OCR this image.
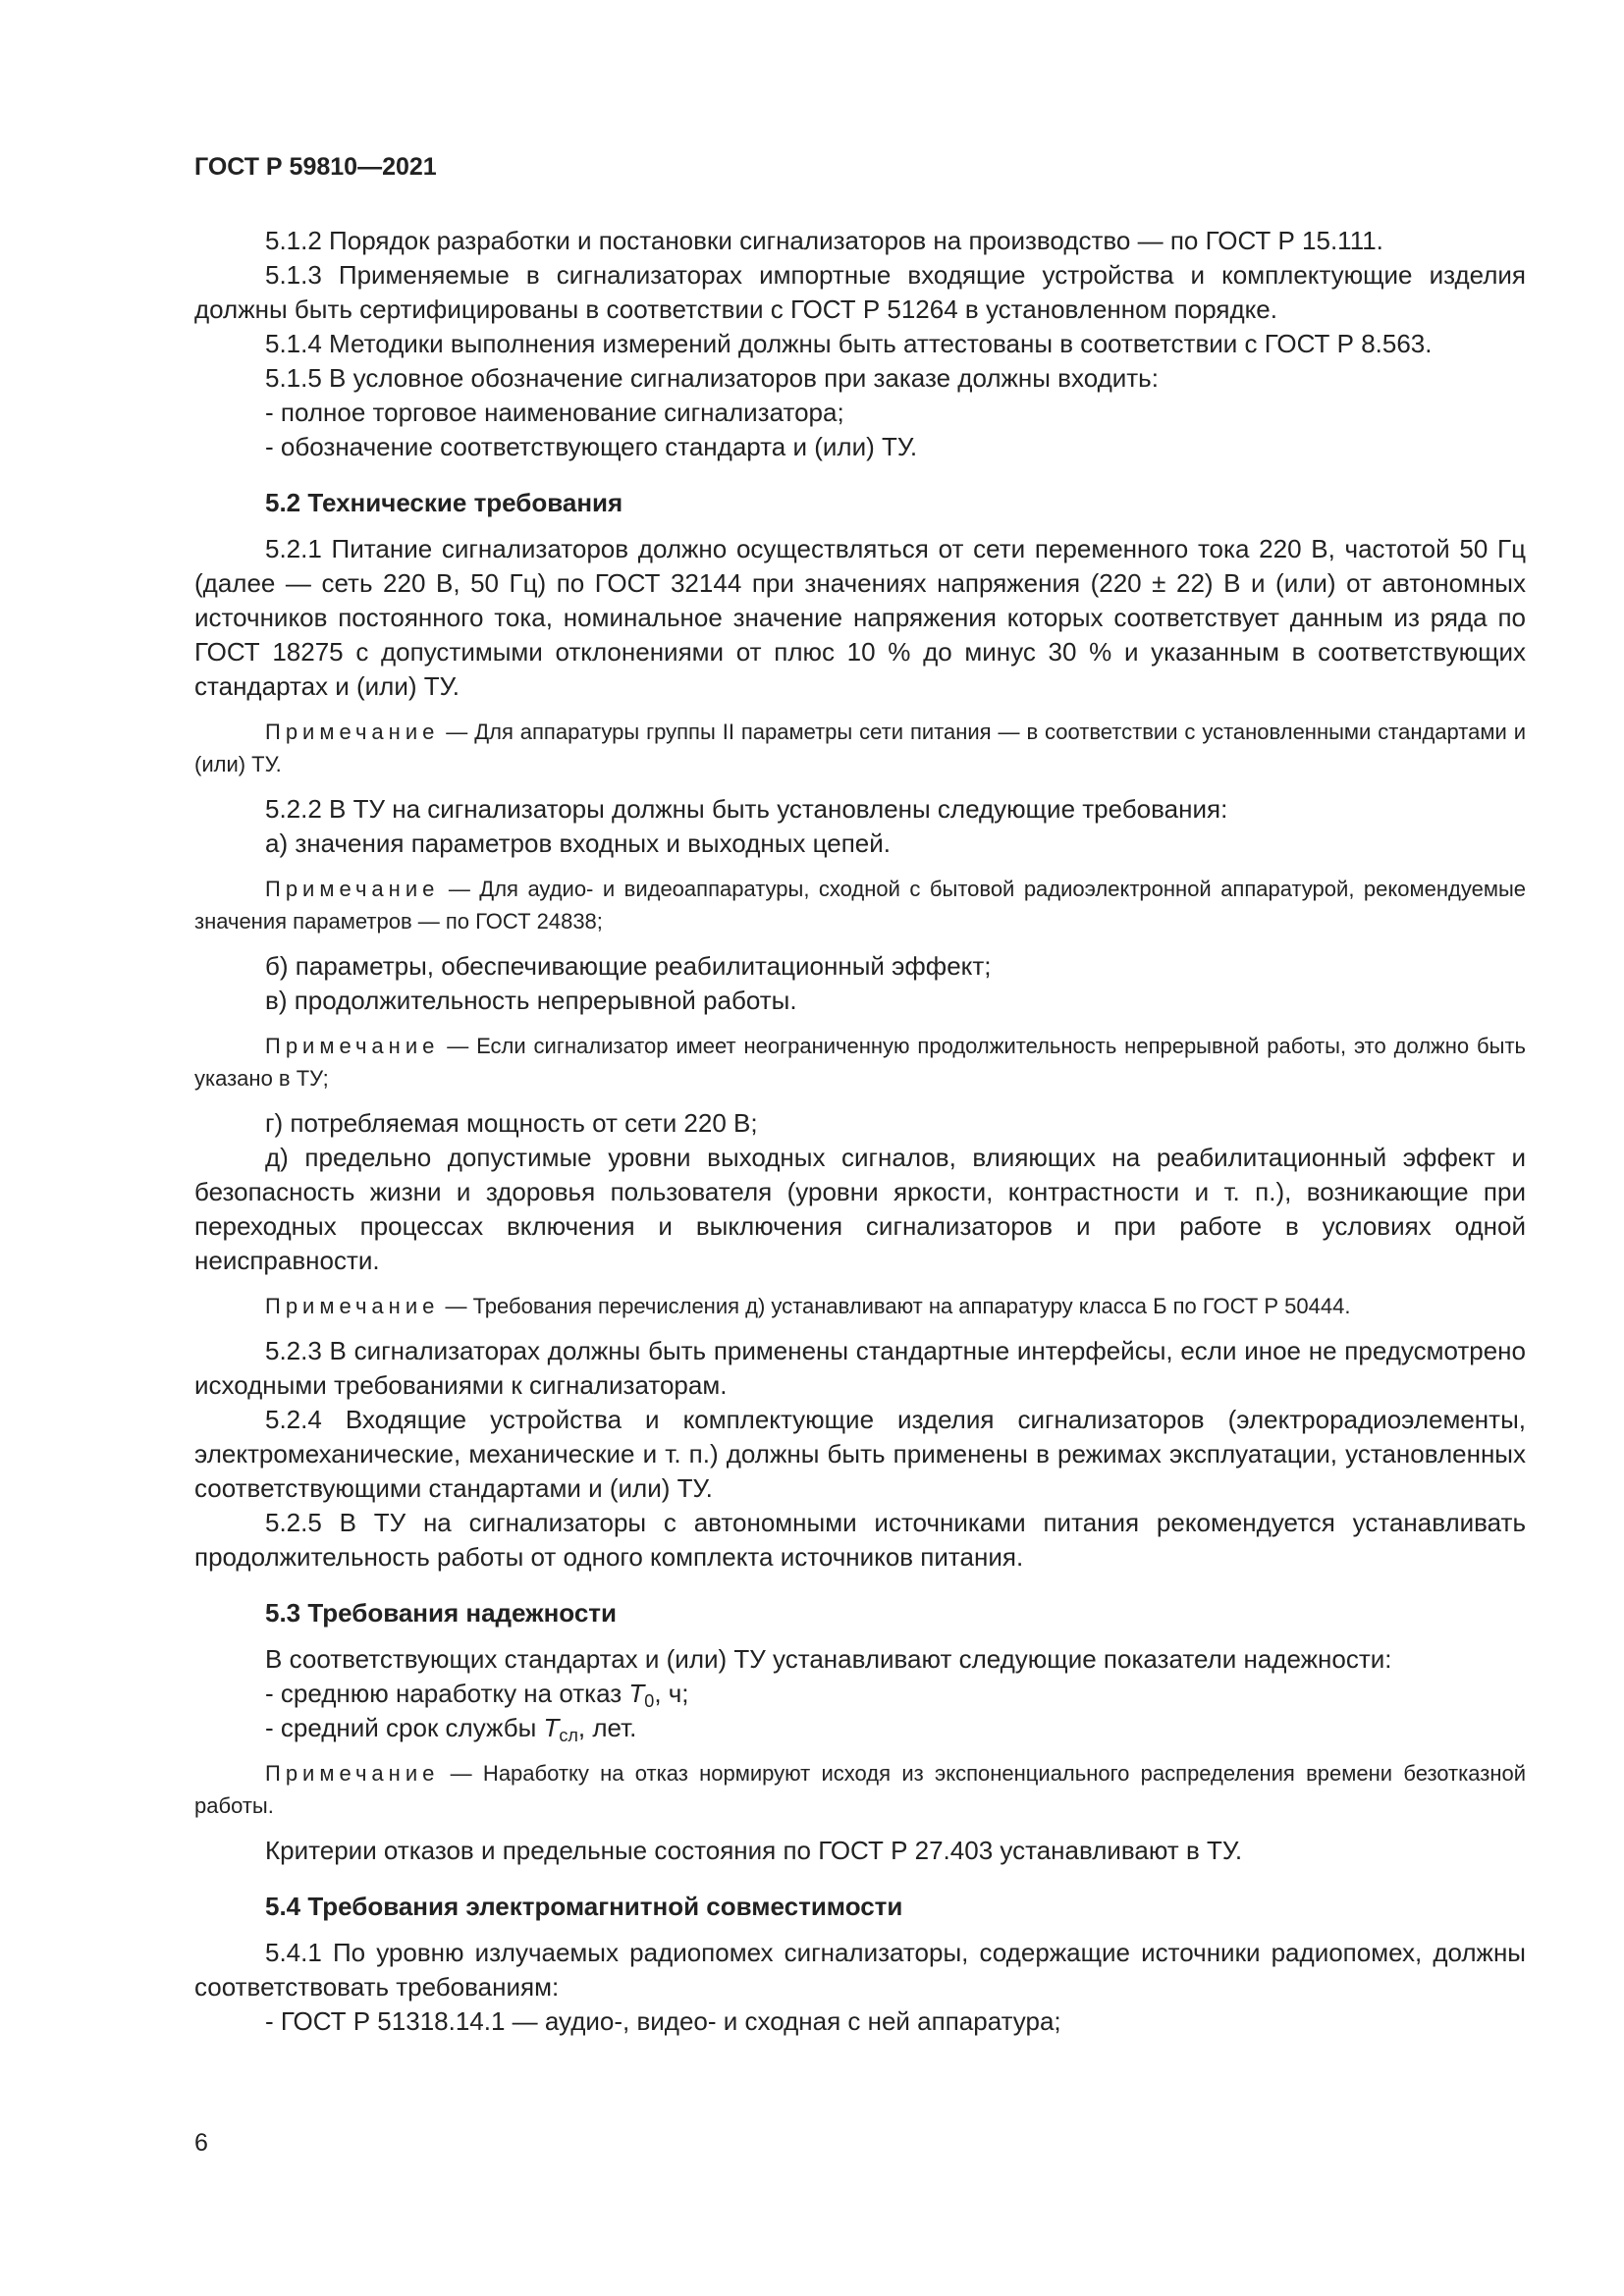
ГОСТ Р 59810—2021

5.1.2 Порядок разработки и постановки сигнализаторов на производство — по ГОСТ Р 15.111.

5.1.3 Применяемые в сигнализаторах импортные входящие устройства и комплектующие изделия должны быть сертифицированы в соответствии с ГОСТ Р 51264 в установленном порядке.

5.1.4 Методики выполнения измерений должны быть аттестованы в соответствии с ГОСТ Р 8.563.

5.1.5 В условное обозначение сигнализаторов при заказе должны входить:

- полное торговое наименование сигнализатора;

- обозначение соответствующего стандарта и (или) ТУ.

5.2 Технические требования

5.2.1 Питание сигнализаторов должно осуществляться от сети переменного тока 220 В, частотой 50 Гц (далее — сеть 220 В, 50 Гц) по ГОСТ 32144 при значениях напряжения (220 ± 22) В и (или) от автономных источников постоянного тока, номинальное значение напряжения которых соответствует данным из ряда по ГОСТ 18275 с допустимыми отклонениями от плюс 10 % до минус 30 % и указанным в соответствующих стандартах и (или) ТУ.

Примечание — Для аппаратуры группы II параметры сети питания — в соответствии с установленными стандартами и (или) ТУ.

5.2.2 В ТУ на сигнализаторы должны быть установлены следующие требования:

а) значения параметров входных и выходных цепей.

Примечание — Для аудио- и видеоаппаратуры, сходной с бытовой радиоэлектронной аппаратурой, рекомендуемые значения параметров — по ГОСТ 24838;

б) параметры, обеспечивающие реабилитационный эффект;

в) продолжительность непрерывной работы.

Примечание — Если сигнализатор имеет неограниченную продолжительность непрерывной работы, это должно быть указано в ТУ;

г) потребляемая мощность от сети 220 В;

д) предельно допустимые уровни выходных сигналов, влияющих на реабилитационный эффект и безопасность жизни и здоровья пользователя (уровни яркости, контрастности и т. п.), возникающие при переходных процессах включения и выключения сигнализаторов и при работе в условиях одной неисправности.

Примечание — Требования перечисления д) устанавливают на аппаратуру класса Б по ГОСТ Р 50444.

5.2.3 В сигнализаторах должны быть применены стандартные интерфейсы, если иное не предусмотрено исходными требованиями к сигнализаторам.

5.2.4 Входящие устройства и комплектующие изделия сигнализаторов (электрорадиоэлементы, электромеханические, механические и т. п.) должны быть применены в режимах эксплуатации, установленных соответствующими стандартами и (или) ТУ.

5.2.5 В ТУ на сигнализаторы с автономными источниками питания рекомендуется устанавливать продолжительность работы от одного комплекта источников питания.

5.3 Требования надежности

В соответствующих стандартах и (или) ТУ устанавливают следующие показатели надежности:

- среднюю наработку на отказ $T_0$, ч;

- средний срок службы $T_{сл}$, лет.

Примечание — Наработку на отказ нормируют исходя из экспоненциального распределения времени безотказной работы.

Критерии отказов и предельные состояния по ГОСТ Р 27.403 устанавливают в ТУ.

5.4 Требования электромагнитной совместимости

5.4.1 По уровню излучаемых радиопомех сигнализаторы, содержащие источники радиопомех, должны соответствовать требованиям:

- ГОСТ Р 51318.14.1 — аудио-, видео- и сходная с ней аппаратура;

6
